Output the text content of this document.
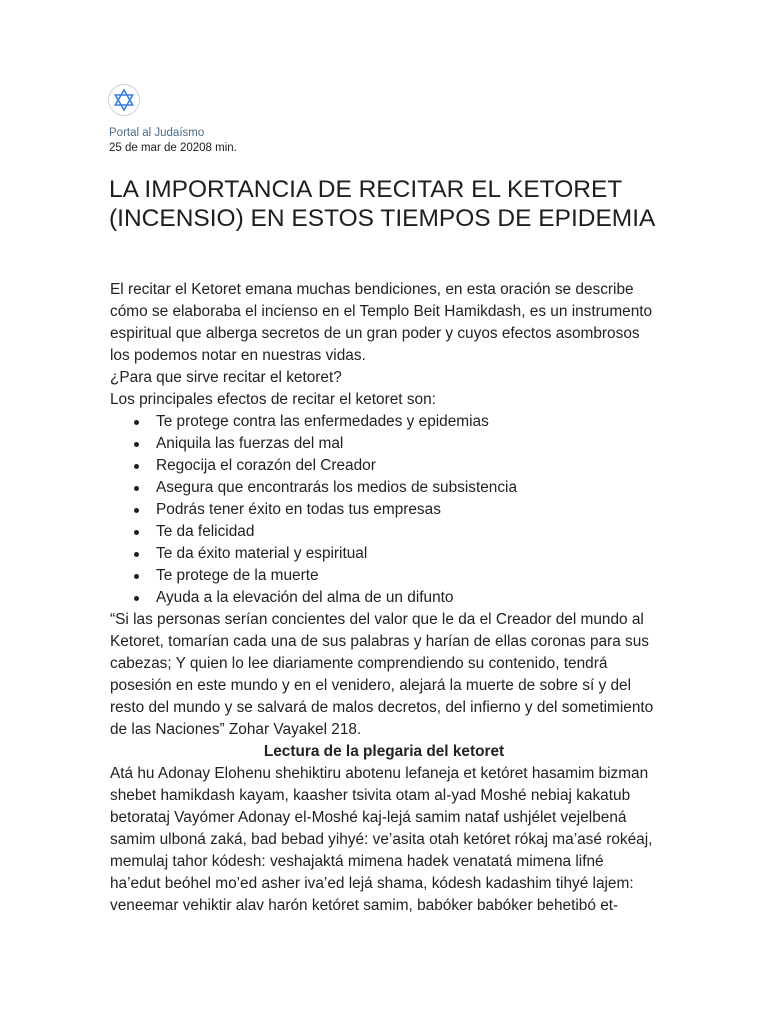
Portal al Judaísmo
25 de mar de 20208 min.
LA IMPORTANCIA DE RECITAR EL KETORET (INCENSIO) EN ESTOS TIEMPOS DE EPIDEMIA

El recitar el Ketoret emana muchas bendiciones, en esta oración se describe cómo se elaboraba el incienso en el Templo Beit Hamikdash, es un instrumento espiritual que alberga secretos de un gran poder y cuyos efectos asombrosos los podemos notar en nuestras vidas.

¿Para que sirve recitar el ketoret?

Los principales efectos de recitar el ketoret son:

Te protege contra las enfermedades y epidemias
Aniquila las fuerzas del mal
Regocija el corazón del Creador
Asegura que encontrarás los medios de subsistencia
Podrás tener éxito en todas tus empresas
Te da felicidad
Te da éxito material y espiritual
Te protege de la muerte
Ayuda a la elevación del alma de un difunto

“Si las personas serían concientes del valor que le da el Creador del mundo al Ketoret, tomarían cada una de sus palabras y harían de ellas coronas para sus cabezas; Y quien lo lee diariamente comprendiendo su contenido, tendrá posesión en este mundo y en el venidero, alejará la muerte de sobre sí y del resto del mundo y se salvará de malos decretos, del infierno y del sometimiento de las Naciones” Zohar Vayakel 218.

Lectura de la plegaria del ketoret

Atá hu Adonay Elohenu shehiktiru abotenu lefaneja et ketóret hasamim bizman shebet hamikdash kayam, kaasher tsivita otam al-yad Moshé nebiaj kakatub betorataj Vayómer Adonay el-Moshé kaj-lejá samim nataf ushjélet vejelbená samim ulboná zaká, bad bebad yihyé: ve’asita otah ketóret rókaj ma’asé rokéaj, memulaj tahor kódesh: veshajaktá mimena hadek venatatá mimena lifné ha’edut beóhel mo’ed asher iva’ed lejá shama, kódesh kadashim tihyé lajem: veneemar vehiktir alav harón ketóret samim, babóker babóker behetibó et-
